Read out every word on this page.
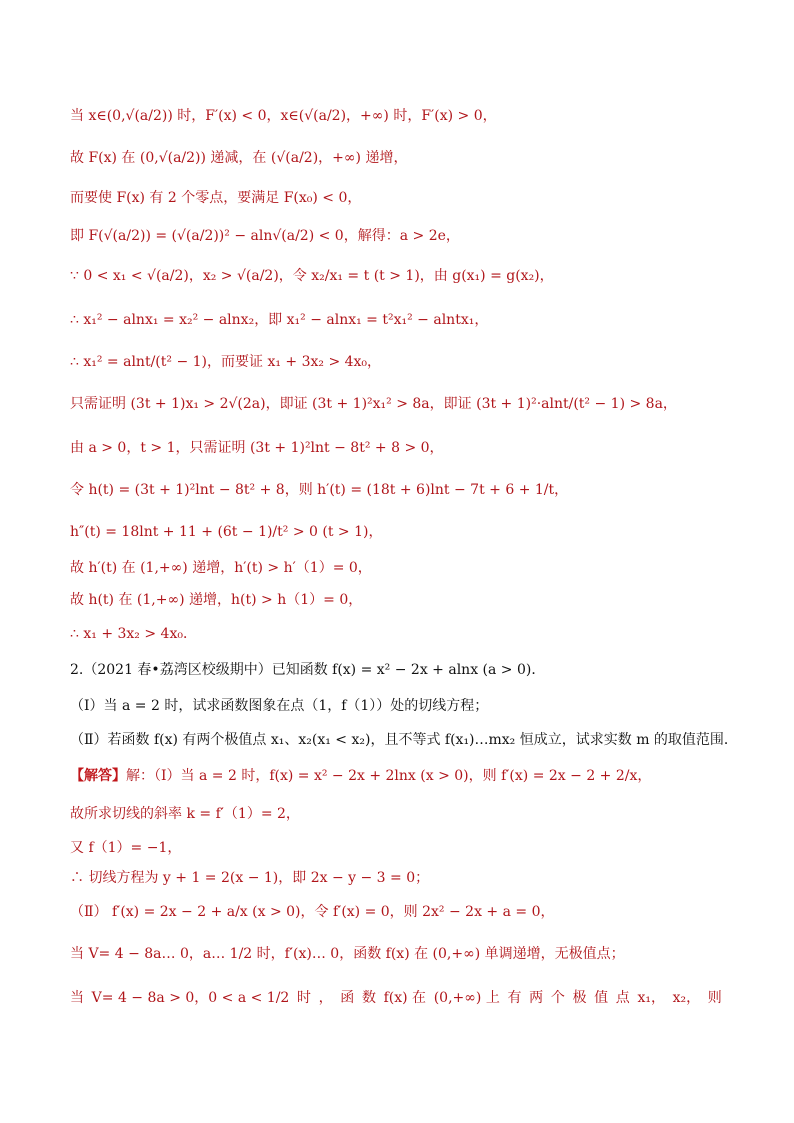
当 x∈(0,√(a/2)) 时，F′(x) < 0，x∈(√(a/2)，+∞) 时，F′(x) > 0，
故 F(x) 在 (0,√(a/2)) 递减，在 (√(a/2)，+∞) 递增，
而要使 F(x) 有 2 个零点，要满足 F(x₀) < 0，
即 F(√(a/2)) = (√(a/2))² − aln√(a/2) < 0，解得：a > 2e，
∵ 0 < x₁ < √(a/2)，x₂ > √(a/2)，令 x₂/x₁ = t (t > 1)，由 g(x₁) = g(x₂)，
∴ x₁² − alnx₁ = x₂² − alnx₂，即 x₁² − alnx₁ = t²x₁² − alntx₁，
∴ x₁² = alnt/(t² − 1)，而要证 x₁ + 3x₂ > 4x₀，
只需证明 (3t + 1)x₁ > 2√(2a)，即证 (3t + 1)²x₁² > 8a，即证 (3t + 1)²·alnt/(t² − 1) > 8a，
由 a > 0，t > 1，只需证明 (3t + 1)²lnt − 8t² + 8 > 0，
令 h(t) = (3t + 1)²lnt − 8t² + 8，则 h′(t) = (18t + 6)lnt − 7t + 6 + 1/t，
h″(t) = 18lnt + 11 + (6t − 1)/t² > 0 (t > 1)，
故 h′(t) 在 (1,+∞) 递增，h′(t) > h′（1）= 0，
故 h(t) 在 (1,+∞) 递增，h(t) > h（1）= 0，
∴ x₁ + 3x₂ > 4x₀．
2.（2021 春•荔湾区校级期中）已知函数 f(x) = x² − 2x + alnx (a > 0)．
（Ⅰ）当 a = 2 时，试求函数图象在点（1，f（1））处的切线方程；
（Ⅱ）若函数 f(x) 有两个极值点 x₁、x₂(x₁ < x₂)，且不等式 f(x₁)…mx₂ 恒成立，试求实数 m 的取值范围．
【解答】解：（Ⅰ）当 a = 2 时，f(x) = x² − 2x + 2lnx (x > 0)，则 f′(x) = 2x − 2 + 2/x，
故所求切线的斜率 k = f′（1）= 2，
又 f（1）= −1，
∴ 切线方程为 y + 1 = 2(x − 1)，即 2x − y − 3 = 0；
（Ⅱ） f′(x) = 2x − 2 + a/x (x > 0)，令 f′(x) = 0，则 2x² − 2x + a = 0，
当 V= 4 − 8a… 0，a… 1/2 时，f′(x)… 0，函数 f(x) 在 (0,+∞) 单调递增，无极值点；
当 V= 4 − 8a > 0，0 < a < 1/2 时 ， 函 数 f(x) 在 (0,+∞) 上 有 两 个 极 值 点 x₁， x₂， 则
